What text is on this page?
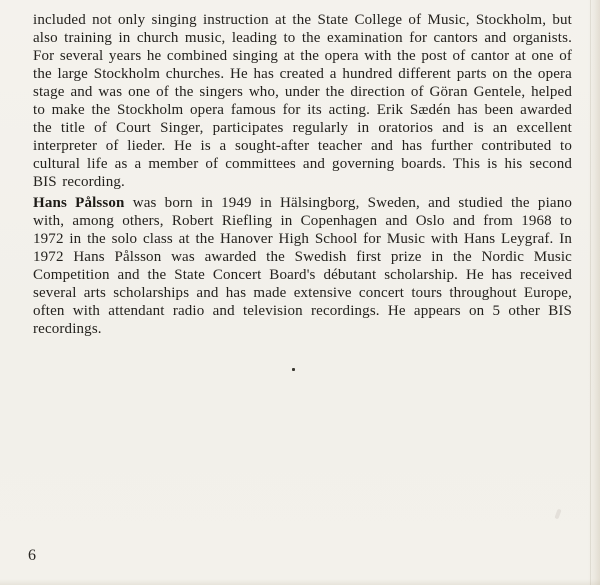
included not only singing instruction at the State College of Music, Stockholm, but also training in church music, leading to the examination for cantors and organists. For several years he combined singing at the opera with the post of cantor at one of the large Stockholm churches. He has created a hundred different parts on the opera stage and was one of the singers who, under the direction of Göran Gentele, helped to make the Stockholm opera famous for its acting. Erik Sædén has been awarded the title of Court Singer, participates regularly in oratorios and is an excellent interpreter of lieder. He is a sought-after teacher and has further contributed to cultural life as a member of committees and governing boards. This is his second BIS recording.

Hans Pålsson was born in 1949 in Hälsingborg, Sweden, and studied the piano with, among others, Robert Riefling in Copenhagen and Oslo and from 1968 to 1972 in the solo class at the Hanover High School for Music with Hans Leygraf. In 1972 Hans Pålsson was awarded the Swedish first prize in the Nordic Music Competition and the State Concert Board's débutant scholarship. He has received several arts scholarships and has made extensive concert tours throughout Europe, often with attendant radio and television recordings. He appears on 5 other BIS recordings.

6
